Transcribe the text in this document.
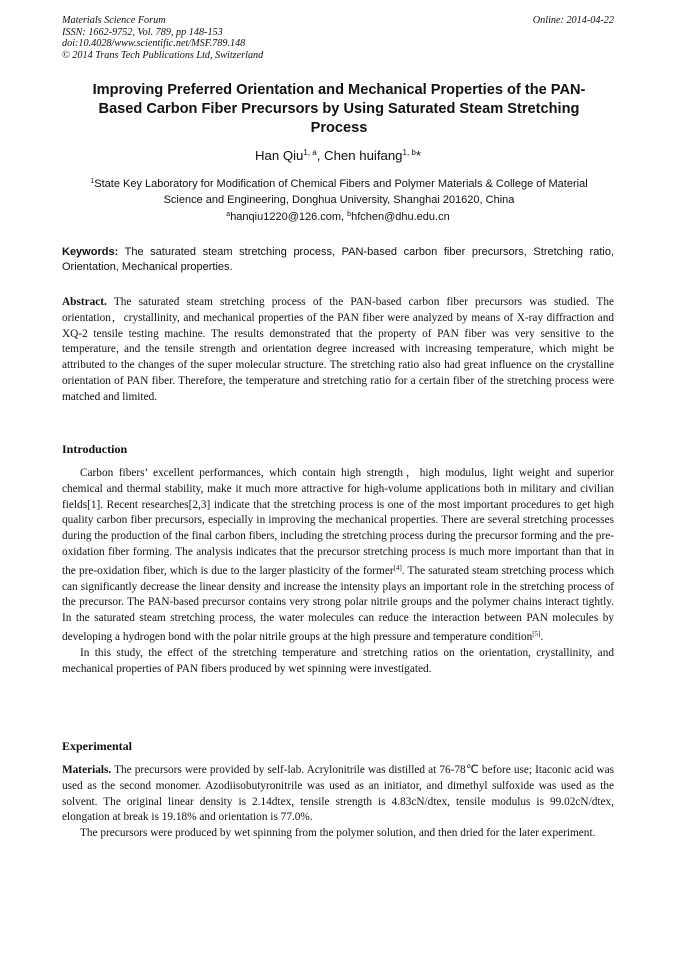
Materials Science Forum
ISSN: 1662-9752, Vol. 789, pp 148-153
doi:10.4028/www.scientific.net/MSF.789.148
© 2014 Trans Tech Publications Ltd, Switzerland
Online: 2014-04-22
Improving Preferred Orientation and Mechanical Properties of the PAN-Based Carbon Fiber Precursors by Using Saturated Steam Stretching Process
Han Qiu$^{1, a}$, Chen huifang$^{1, b}$*
$^1$State Key Laboratory for Modification of Chemical Fibers and Polymer Materials & College of Material Science and Engineering, Donghua University, Shanghai 201620, China
$^a$hanqiu1220@126.com, $^b$hfchen@dhu.edu.cn
Keywords: The saturated steam stretching process, PAN-based carbon fiber precursors, Stretching ratio, Orientation, Mechanical properties.
Abstract. The saturated steam stretching process of the PAN-based carbon fiber precursors was studied. The orientation，crystallinity, and mechanical properties of the PAN fiber were analyzed by means of X-ray diffraction and XQ-2 tensile testing machine. The results demonstrated that the property of PAN fiber was very sensitive to the temperature, and the tensile strength and orientation degree increased with increasing temperature, which might be attributed to the changes of the super molecular structure. The stretching ratio also had great influence on the crystalline orientation of PAN fiber. Therefore, the temperature and stretching ratio for a certain fiber of the stretching process were matched and limited.
Introduction

Carbon fibers’ excellent performances, which contain high strength，high modulus, light weight and superior chemical and thermal stability, make it much more attractive for high-volume applications both in military and civilian fields[1]. Recent researches[2,3] indicate that the stretching process is one of the most important procedures to get high quality carbon fiber precursors, especially in improving the mechanical properties. There are several stretching processes during the production of the final carbon fibers, including the stretching process during the precursor forming and the pre-oxidation fiber forming. The analysis indicates that the precursor stretching process is much more important than that in the pre-oxidation fiber, which is due to the larger plasticity of the former[4]. The saturated steam stretching process which can significantly decrease the linear density and increase the intensity plays an important role in the stretching process of the precursor. The PAN-based precursor contains very strong polar nitrile groups and the polymer chains interact tightly. In the saturated steam stretching process, the water molecules can reduce the interaction between PAN molecules by developing a hydrogen bond with the polar nitrile groups at the high pressure and temperature condition[5].

In this study, the effect of the stretching temperature and stretching ratios on the orientation, crystallinity, and mechanical properties of PAN fibers produced by wet spinning were investigated.

Experimental

Materials. The precursors were provided by self-lab. Acrylonitrile was distilled at 76-78℃ before use; Itaconic acid was used as the second monomer. Azodiisobutyronitrile was used as an initiator, and dimethyl sulfoxide was used as the solvent. The original linear density is 2.14dtex, tensile strength is 4.83cN/dtex, tensile modulus is 99.02cN/dtex, elongation at break is 19.18% and orientation is 77.0%.

The precursors were produced by wet spinning from the polymer solution, and then dried for the later experiment.
